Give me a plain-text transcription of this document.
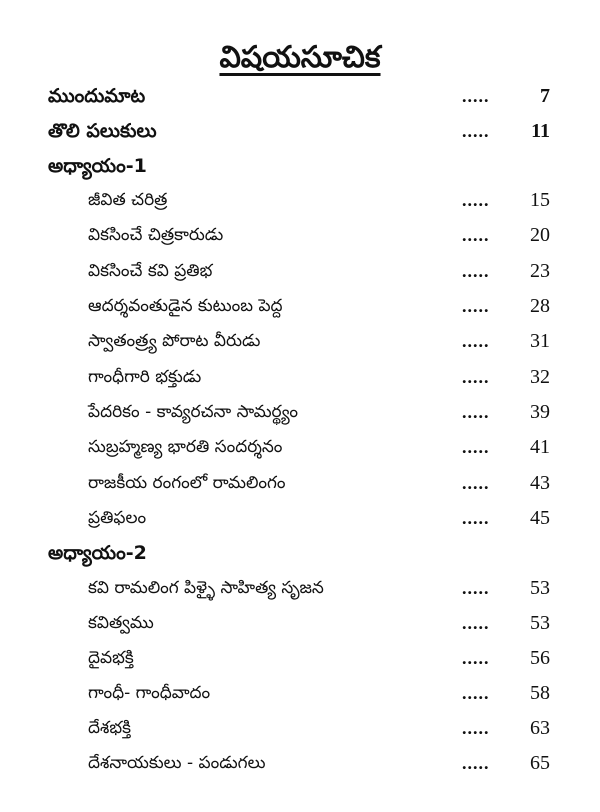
విషయసూచిక
ముందుమాట	.....	7
తొలి పలుకులు	..... 11
అధ్యాయం-1
జీవిత చరిత్ర	..... 15
వికసించే చిత్రకారుడు	..... 20
వికసించే కవి ప్రతిభ	..... 23
ఆదర్శవంతుడైన కుటుంబ పెద్ద	..... 28
స్వాతంత్ర్య పోరాట వీరుడు	..... 31
గాంధీగారి భక్తుడు	..... 32
పేదరికం - కావ్యరచనా సామర్థ్యం	..... 39
సుబ్రహ్మణ్య భారతి సందర్శనం	..... 41
రాజకీయ రంగంలో రామలింగం	..... 43
ప్రతిఫలం	..... 45
అధ్యాయం-2
కవి రామలింగ పిళ్ళై సాహిత్య సృజన	..... 53
కవిత్వము	..... 53
దైవభక్తి	..... 56
గాంధీ- గాంధీవాదం	..... 58
దేశభక్తి	..... 63
దేశనాయకులు - పండుగలు	..... 65
